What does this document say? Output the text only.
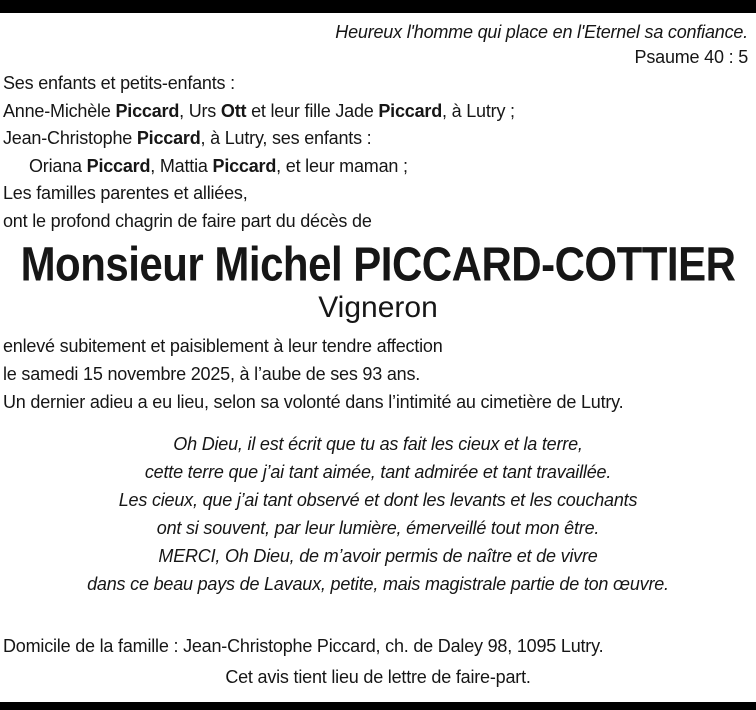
Heureux l'homme qui place en l'Eternel sa confiance.

Psaume 40 : 5

Ses enfants et petits-enfants :

Anne-Michèle Piccard, Urs Ott et leur fille Jade Piccard, à Lutry ;

Jean-Christophe Piccard, à Lutry, ses enfants :

Oriana Piccard, Mattia Piccard, et leur maman ;

Les familles parentes et alliées,

ont le profond chagrin de faire part du décès de

Monsieur Michel PICCARD-COTTIER
Vigneron

enlevé subitement et paisiblement à leur tendre affection

le samedi 15 novembre 2025, à l’aube de ses 93 ans.

Un dernier adieu a eu lieu, selon sa volonté dans l’intimité au cimetière de Lutry.

Oh Dieu, il est écrit que tu as fait les cieux et la terre,

cette terre que j’ai tant aimée, tant admirée et tant travaillée.

Les cieux, que j’ai tant observé et dont les levants et les couchants

ont si souvent, par leur lumière, émerveillé tout mon être.

MERCI, Oh Dieu, de m’avoir permis de naître et de vivre

dans ce beau pays de Lavaux, petite, mais magistrale partie de ton œuvre.

Domicile de la famille : Jean-Christophe Piccard, ch. de Daley 98, 1095 Lutry.

Cet avis tient lieu de lettre de faire-part.
